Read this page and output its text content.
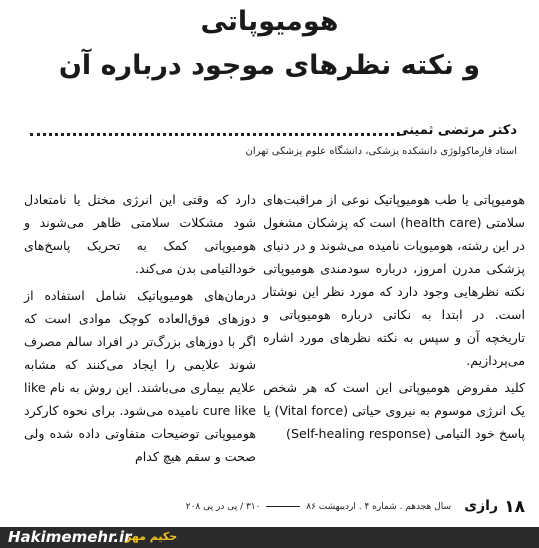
هومیوپاتی
و نکته نظرهای موجود درباره آن
دکتر مرتضی ثمینی
استاد فارماکولوژی دانشکده پزشکی، دانشگاه علوم پزشکی تهران

هومیوپاتی یا طب هومیوپاتیک نوعی از مراقبت‌های سلامتی (health care) است که پزشکان مشغول در این رشته، هومیوپات نامیده می‌شوند و در دنیای پزشکی مدرن امروز، درباره سودمندی هومیوپاتی نکته نظرهایی وجود دارد که مورد نظر این نوشتار است. در ابتدا به نکاتی درباره هومیوپاتی و تاریخچه آن و سپس به نکته نظرهای مورد اشاره می‌پردازیم.

کلید مفروض هومیوپاتی این است که هر شخص یک انرژی موسوم به نیروی حیاتی (Vital force) یا پاسخ خود التیامی (Self-healing response)

دارد که وقتی این انرژی مختل یا نامتعادل شود مشکلات سلامتی ظاهر می‌شوند و هومیوپاتی کمک به تحریک پاسخ‌های خودالتیامی بدن می‌کند.

درمان‌های هومیوپاتیک شامل استفاده از دوزهای فوق‌العاده کوچک موادی است که اگر با دوزهای بزرگ‌تر در افراد سالم مصرف شوند علایمی را ایجاد می‌کنند که مشابه علایم بیماری می‌باشند. این روش به نام like cure like نامیده می‌شود. برای نحوه کارکرد هومیوپاتی توضیحات متفاوتی داده شده ولی صحت و سقم هیچ کدام

۱۸
رازی
سال هجدهم . شماره ۴ . اردیبهشت ۸۶  ۳۱۰ / پی در پی ۲۰۸
Hakimemehr.ir
حکیم مهر
